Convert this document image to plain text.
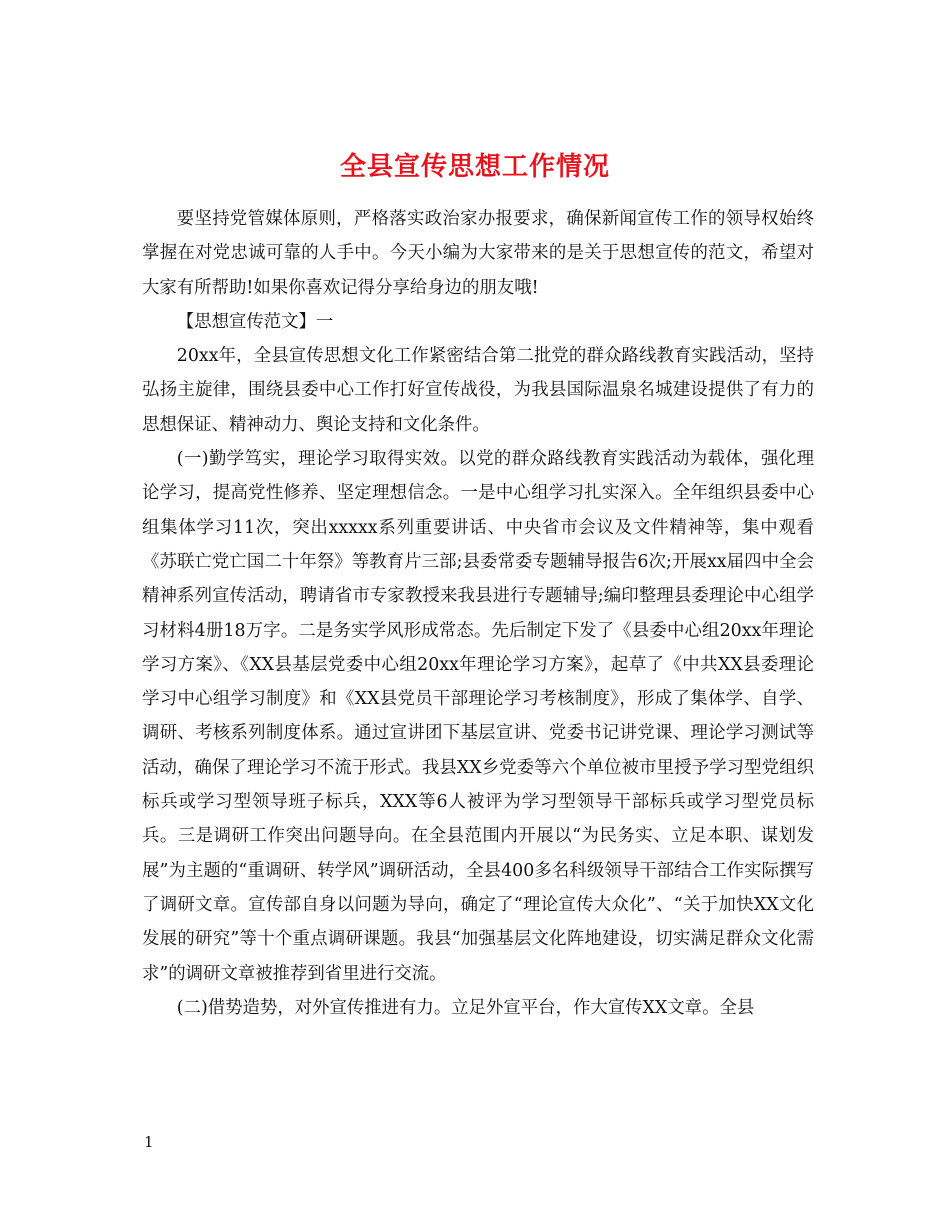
全县宣传思想工作情况

要坚持党管媒体原则，严格落实政治家办报要求，确保新闻宣传工作的领导权始终掌握在对党忠诚可靠的人手中。今天小编为大家带来的是关于思想宣传的范文，希望对大家有所帮助!如果你喜欢记得分享给身边的朋友哦!

【思想宣传范文】一

20xx年，全县宣传思想文化工作紧密结合第二批党的群众路线教育实践活动，坚持弘扬主旋律，围绕县委中心工作打好宣传战役，为我县国际温泉名城建设提供了有力的思想保证、精神动力、舆论支持和文化条件。

(一)勤学笃实，理论学习取得实效。以党的群众路线教育实践活动为载体，强化理论学习，提高党性修养、坚定理想信念。一是中心组学习扎实深入。全年组织县委中心组集体学习11次，突出xxxxx系列重要讲话、中央省市会议及文件精神等，集中观看《苏联亡党亡国二十年祭》等教育片三部;县委常委专题辅导报告6次;开展xx届四中全会精神系列宣传活动，聘请省市专家教授来我县进行专题辅导;编印整理县委理论中心组学习材料4册18万字。二是务实学风形成常态。先后制定下发了《县委中心组20xx年理论学习方案》、《XX县基层党委中心组20xx年理论学习方案》，起草了《中共XX县委理论学习中心组学习制度》和《XX县党员干部理论学习考核制度》，形成了集体学、自学、调研、考核系列制度体系。通过宣讲团下基层宣讲、党委书记讲党课、理论学习测试等活动，确保了理论学习不流于形式。我县XX乡党委等六个单位被市里授予学习型党组织标兵或学习型领导班子标兵，XXX等6人被评为学习型领导干部标兵或学习型党员标兵。三是调研工作突出问题导向。在全县范围内开展以“为民务实、立足本职、谋划发展”为主题的“重调研、转学风”调研活动，全县400多名科级领导干部结合工作实际撰写了调研文章。宣传部自身以问题为导向，确定了“理论宣传大众化”、“关于加快XX文化发展的研究”等十个重点调研课题。我县“加强基层文化阵地建设，切实满足群众文化需求”的调研文章被推荐到省里进行交流。

(二)借势造势，对外宣传推进有力。立足外宣平台，作大宣传XX文章。全县

1
